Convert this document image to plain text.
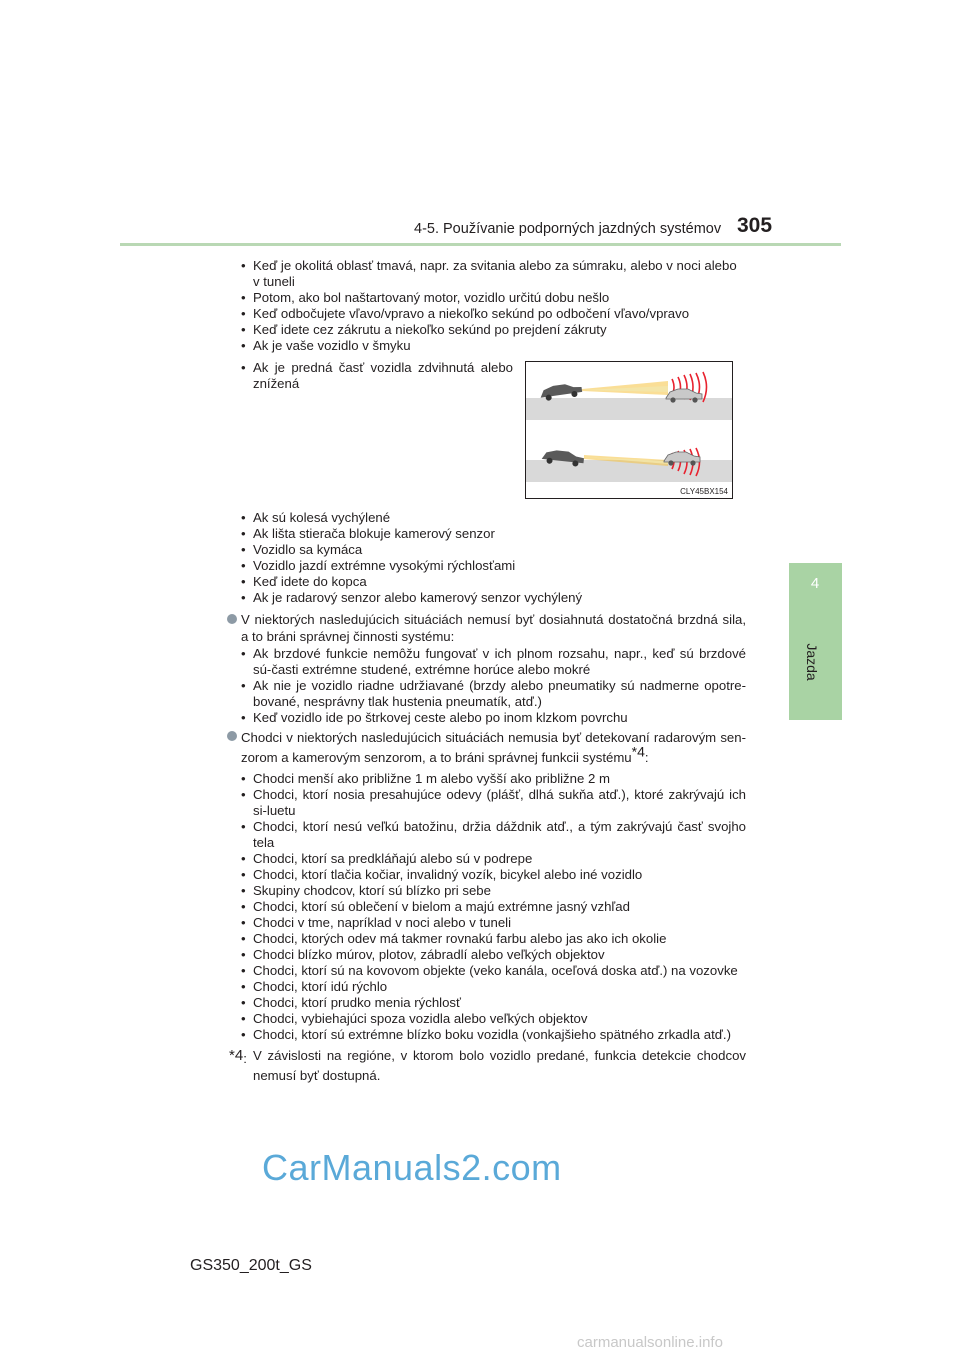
4-5. Používanie podporných jazdných systémov 305
4
Jazda
• Keď je okolitá oblasť tmavá, napr. za svitania alebo za súmraku, alebo v noci alebo v tuneli
• Potom, ako bol naštartovaný motor, vozidlo určitú dobu nešlo
• Keď odbočujete vľavo/vpravo a niekoľko sekúnd po odbočení vľavo/vpravo
• Keď idete cez zákrutu a niekoľko sekúnd po prejdení zákruty
• Ak je vaše vozidlo v šmyku
• Ak je predná časť vozidla zdvihnutá alebo znížená
CLY45BX154
• Ak sú kolesá vychýlené
• Ak lišta stierača blokuje kamerový senzor
• Vozidlo sa kymáca
• Vozidlo jazdí extrémne vysokými rýchlosťami
• Keď idete do kopca
• Ak je radarový senzor alebo kamerový senzor vychýlený
V niektorých nasledujúcich situáciách nemusí byť dosiahnutá dostatočná brzdná sila, a to bráni správnej činnosti systému:
• Ak brzdové funkcie nemôžu fungovať v ich plnom rozsahu, napr., keď sú brzdové sú-časti extrémne studené, extrémne horúce alebo mokré
• Ak nie je vozidlo riadne udržiavané (brzdy alebo pneumatiky sú nadmerne opotre-bované, nesprávny tlak hustenia pneumatík, atď.)
• Keď vozidlo ide po štrkovej ceste alebo po inom klzkom povrchu
Chodci v niektorých nasledujúcich situáciách nemusia byť detekovaní radarovým sen-zorom a kamerovým senzorom, a to bráni správnej funkcii systému$^{*4}$:
• Chodci menší ako približne 1 m alebo vyšší ako približne 2 m
• Chodci, ktorí nosia presahujúce odevy (plášť, dlhá sukňa atď.), ktoré zakrývajú ich si-luetu
• Chodci, ktorí nesú veľkú batožinu, držia dáždnik atď., a tým zakrývajú časť svojho tela
• Chodci, ktorí sa predkláňajú alebo sú v podrepe
• Chodci, ktorí tlačia kočiar, invalidný vozík, bicykel alebo iné vozidlo
• Skupiny chodcov, ktorí sú blízko pri sebe
• Chodci, ktorí sú oblečení v bielom a majú extrémne jasný vzhľad
• Chodci v tme, napríklad v noci alebo v tuneli
• Chodci, ktorých odev má takmer rovnakú farbu alebo jas ako ich okolie
• Chodci blízko múrov, plotov, zábradlí alebo veľkých objektov
• Chodci, ktorí sú na kovovom objekte (veko kanála, oceľová doska atď.) na vozovke
• Chodci, ktorí idú rýchlo
• Chodci, ktorí prudko menia rýchlosť
• Chodci, vybiehajúci spoza vozidla alebo veľkých objektov
• Chodci, ktorí sú extrémne blízko boku vozidla (vonkajšieho spätného zrkadla atď.)
*4: V závislosti na regióne, v ktorom bolo vozidlo predané, funkcia detekcie chodcov nemusí byť dostupná.
CarManuals2.com
GS350_200t_GS
carmanualsonline.info
